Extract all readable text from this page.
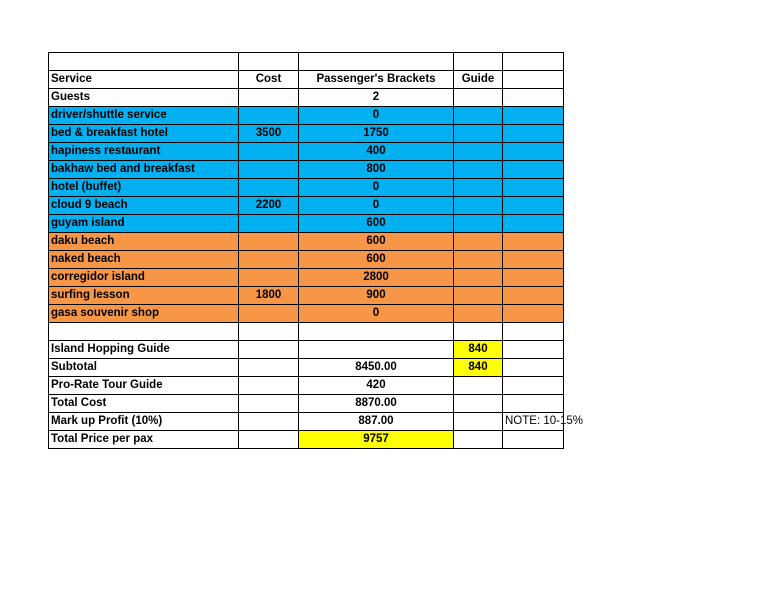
Service	Cost	Passenger's Brackets	Guide	
Guests		2		
driver/shuttle service		0		
bed & breakfast hotel	3500	1750		
hapiness restaurant		400		
bakhaw bed and breakfast		800		
hotel (buffet)		0		
cloud 9 beach	2200	0		
guyam island		600		
daku beach		600		
naked beach		600		
corregidor island		2800		
surfing lesson	1800	900		
gasa souvenir shop		0		

Island Hopping Guide			840	
Subtotal		8450.00	840	
Pro-Rate Tour Guide		420		
Total Cost		8870.00		
Mark up Profit (10%)		887.00		NOTE: 10-15%

Total Price per pax		9757		
